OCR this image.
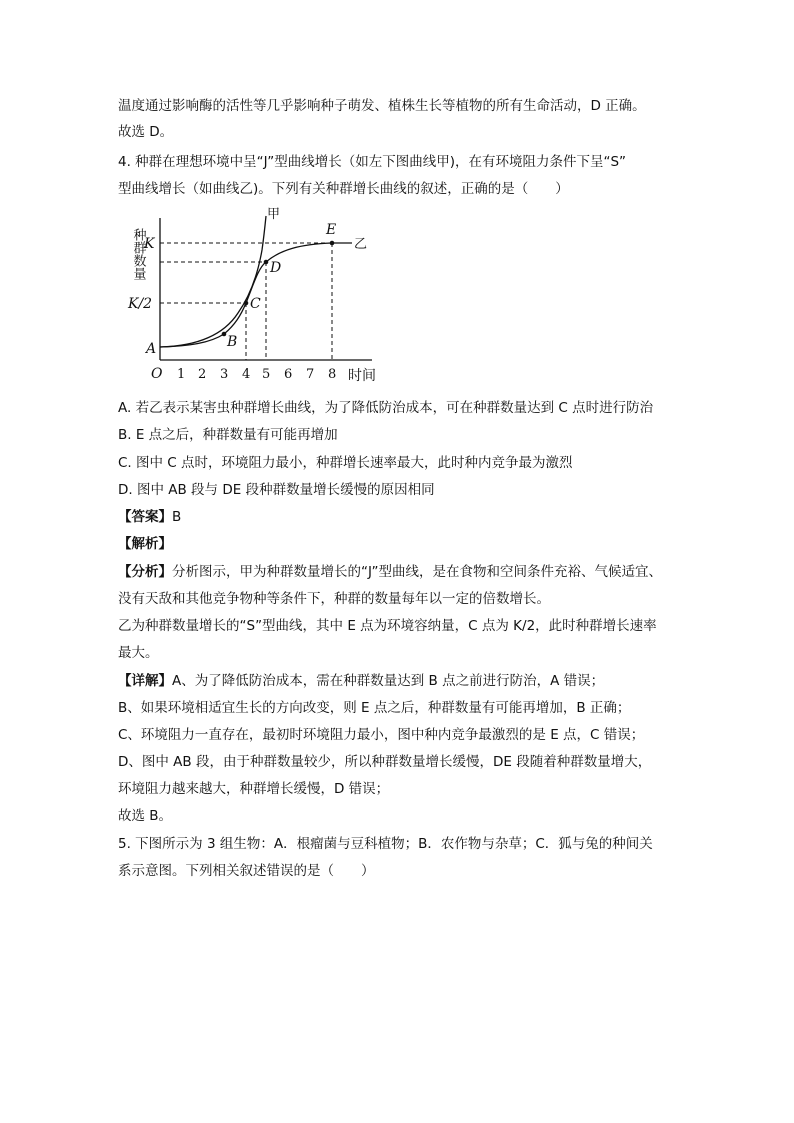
温度通过影响酶的活性等几乎影响种子萌发、植株生长等植物的所有生命活动，D 正确。
故选 D。
4. 种群在理想环境中呈“J”型曲线增长（如左下图曲线甲)，在有环境阻力条件下呈“S”
型曲线增长（如曲线乙)。下列有关种群增长曲线的叙述，正确的是（　　）
种群数量
K
K/2
A	B
C
D
E
甲
乙
O 1 2 3 4 5 6 7 8 时间
A. 若乙表示某害虫种群增长曲线，为了降低防治成本，可在种群数量达到 C 点时进行防治
B. E 点之后，种群数量有可能再增加
C. 图中 C 点时，环境阻力最小，种群增长速率最大，此时种内竞争最为激烈
D. 图中 AB 段与 DE 段种群数量增长缓慢的原因相同
【答案】B
【解析】
【分析】分析图示，甲为种群数量增长的“J”型曲线，是在食物和空间条件充裕、气候适宜、
没有天敌和其他竞争物种等条件下，种群的数量每年以一定的倍数增长。
乙为种群数量增长的“S”型曲线，其中 E 点为环境容纳量，C 点为 K/2，此时种群增长速率
最大。
【详解】A、为了降低防治成本，需在种群数量达到 B 点之前进行防治，A 错误；
B、如果环境相适宜生长的方向改变，则 E 点之后，种群数量有可能再增加，B 正确；
C、环境阻力一直存在，最初时环境阻力最小，图中种内竞争最激烈的是 E 点，C 错误；
D、图中 AB 段，由于种群数量较少，所以种群数量增长缓慢，DE 段随着种群数量增大，
环境阻力越来越大，种群增长缓慢，D 错误；
故选 B。
5. 下图所示为 3 组生物：A．根瘤菌与豆科植物；B．农作物与杂草；C．狐与兔的种间关
系示意图。下列相关叙述错误的是（　　）
